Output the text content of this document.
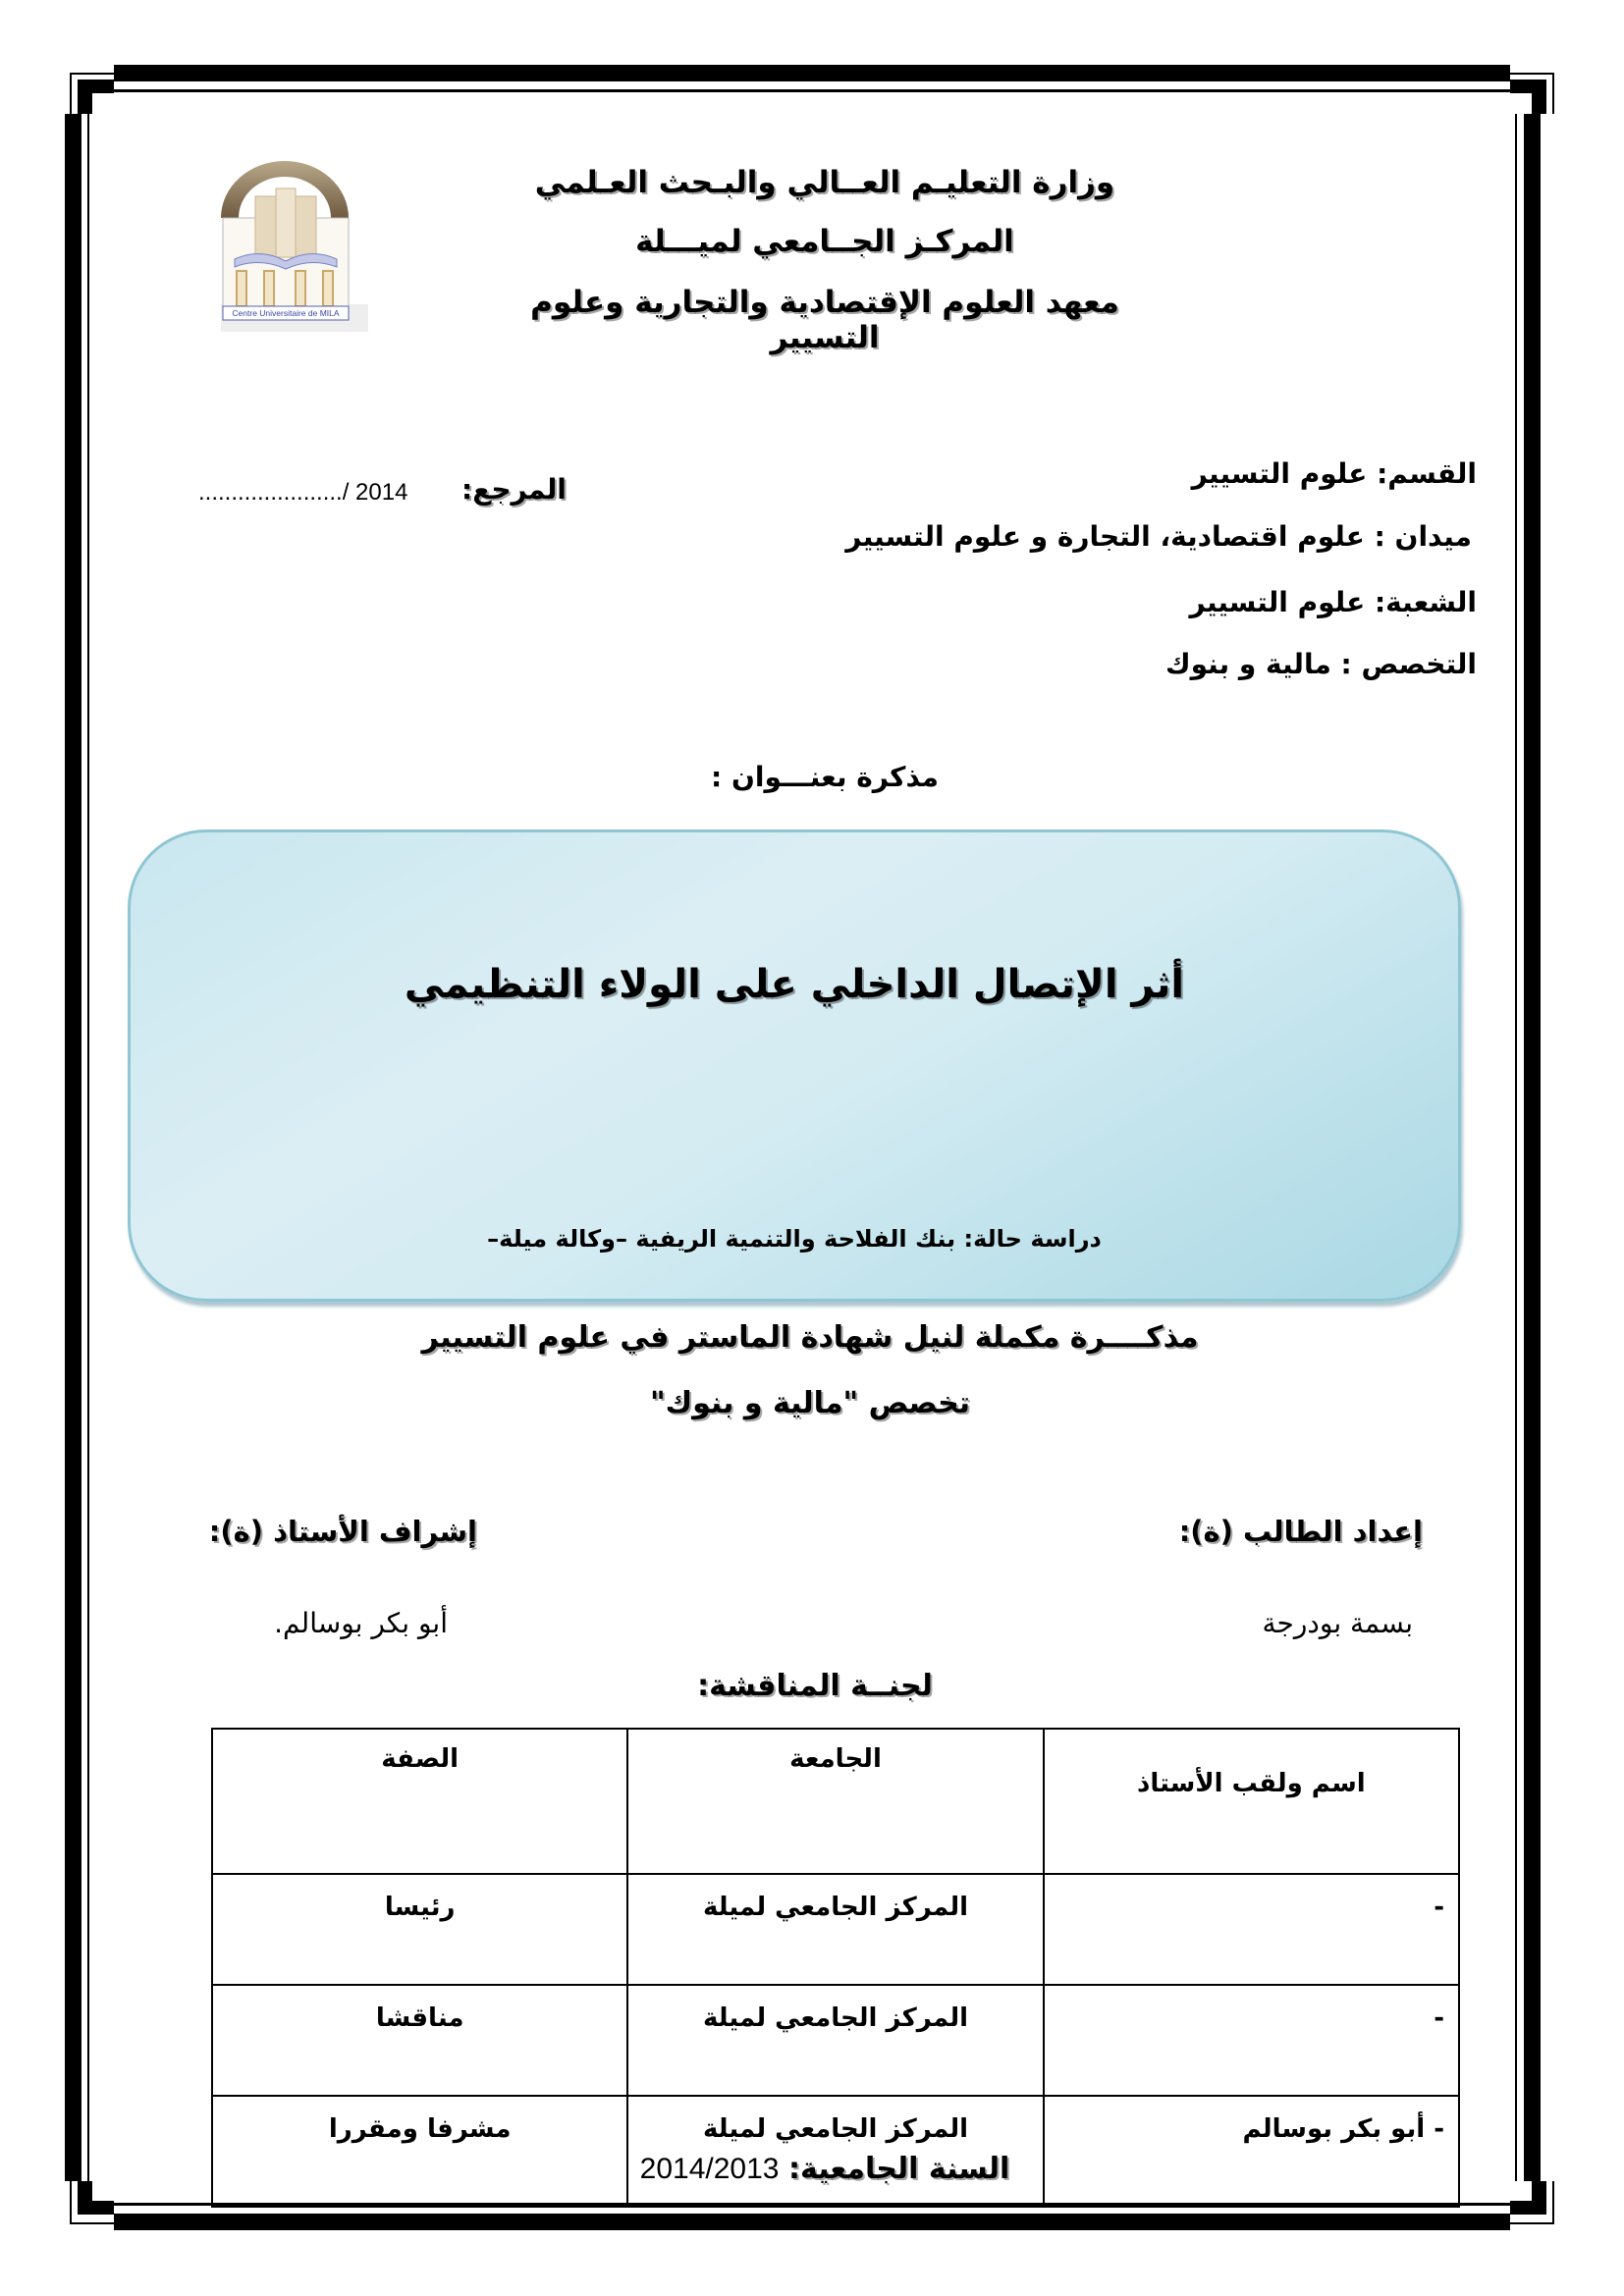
Centre Universitaire de MILA
وزارة التعليـم العــالي والبـحث العـلمي
المركـز الجــامعي لميـــلة
معهد العلوم الإقتصادية والتجارية وعلوم التسيير
القسم: علوم التسيير
ميدان : علوم اقتصادية، التجارة و علوم التسيير
الشعبة: علوم التسيير
التخصص : مالية و بنوك
المرجع:
....................../ 2014
مذكرة بعنـــوان :
أثر الإتصال الداخلي على الولاء التنظيمي
دراسة حالة: بنك الفلاحة والتنمية الريفية –وكالة ميلة–
مذكــــرة مكملة لنيل شهادة الماستر في علوم التسيير
تخصص "مالية و بنوك"
إعداد الطالب (ة):
بسمة بودرجة
إشراف الأستاذ (ة):
أبو بكر بوسالم.
لجنــة المناقشة:
اسم ولقب الأستاذ	الجامعة	الصفة
-	المركز الجامعي لميلة	رئيسا
-	المركز الجامعي لميلة	مناقشا
- أبو بكر بوسالم	المركز الجامعي لميلة	مشرفا ومقررا
السنة الجامعية: 2014/2013
